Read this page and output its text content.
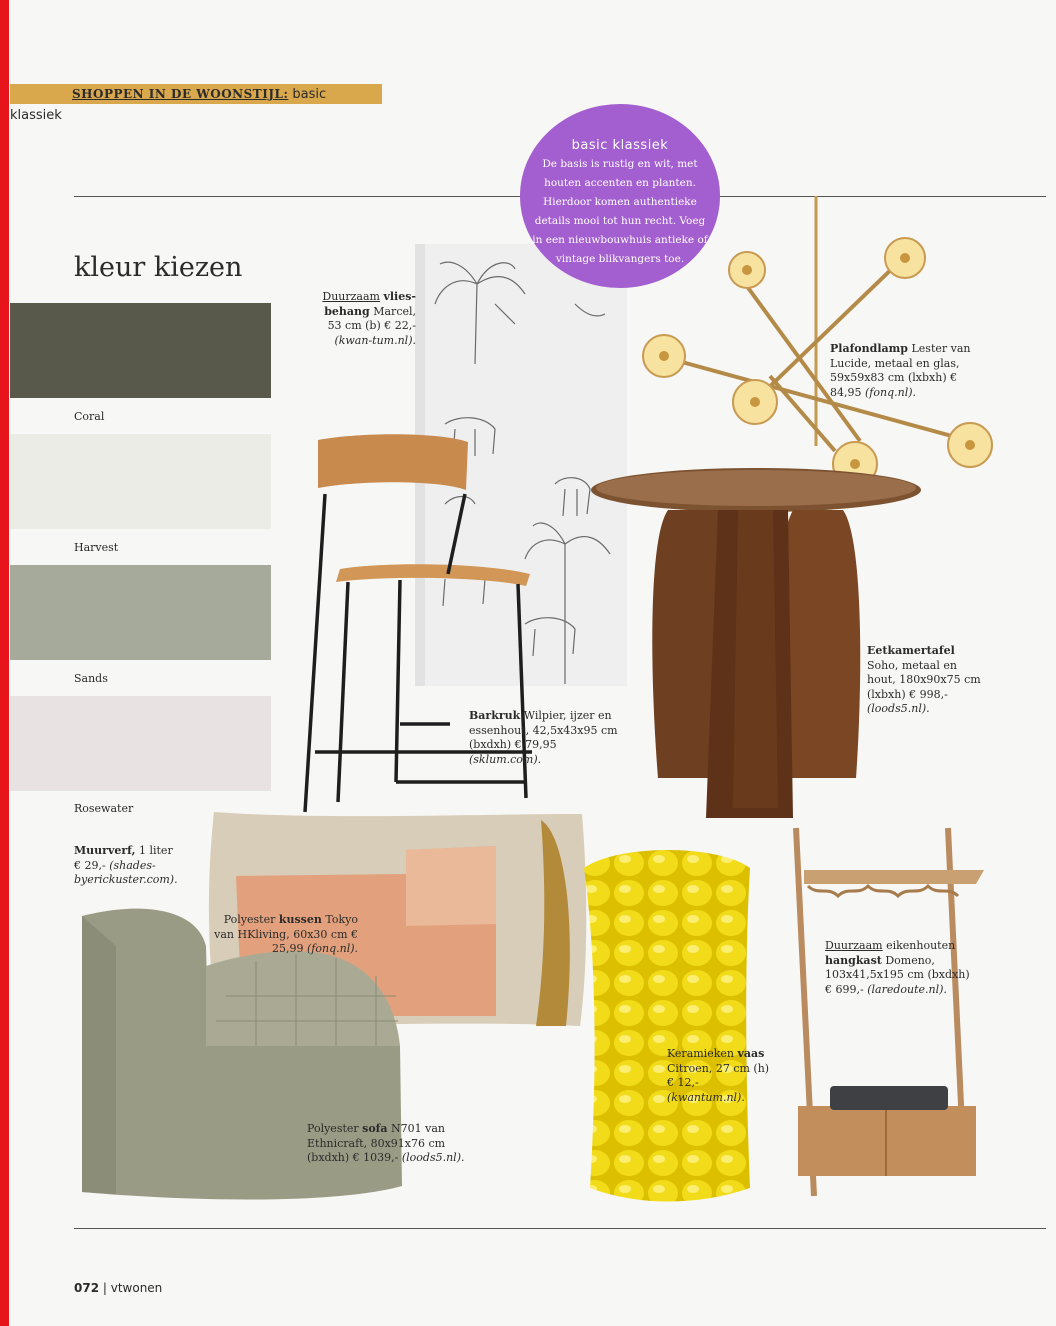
SHOPPEN IN DE WOONSTIJL: basic klassiek
basic klassiek
De basis is rustig en wit, met houten accenten en planten. Hierdoor komen authentieke details mooi tot hun recht. Voeg in een nieuwbouwhuis antieke of vintage blikvangers toe.
kleur kiezen
Coral
Harvest
Sands
Rosewater
Muurverf, 1 liter
€ 29,- (shades-byerickuster.com).
Duurzaam vlies-behang Marcel, 53 cm (b) € 22,- (kwan-tum.nl).
Plafondlamp Lester van Lucide, metaal en glas, 59x59x83 cm (lxbxh) € 84,95 (fonq.nl).
Eetkamertafel
Soho, metaal en hout, 180x90x75 cm (lxbxh) € 998,- (loods5.nl).
Barkruk Wilpier, ijzer en essenhout, 42,5x43x95 cm (bxdxh) € 79,95 (sklum.com).
Polyester kussen Tokyo van HKliving, 60x30 cm € 25,99 (fonq.nl).
Keramieken vaas
Citroen, 27 cm (h) € 12,- (kwantum.nl).
Duurzaam eikenhouten
hangkast Domeno, 103x41,5x195 cm (bxdxh) € 699,- (laredoute.nl).
Polyester sofa N701 van Ethnicraft, 80x91x76 cm (bxdxh) € 1039,- (loods5.nl).
072 | vtwonen
